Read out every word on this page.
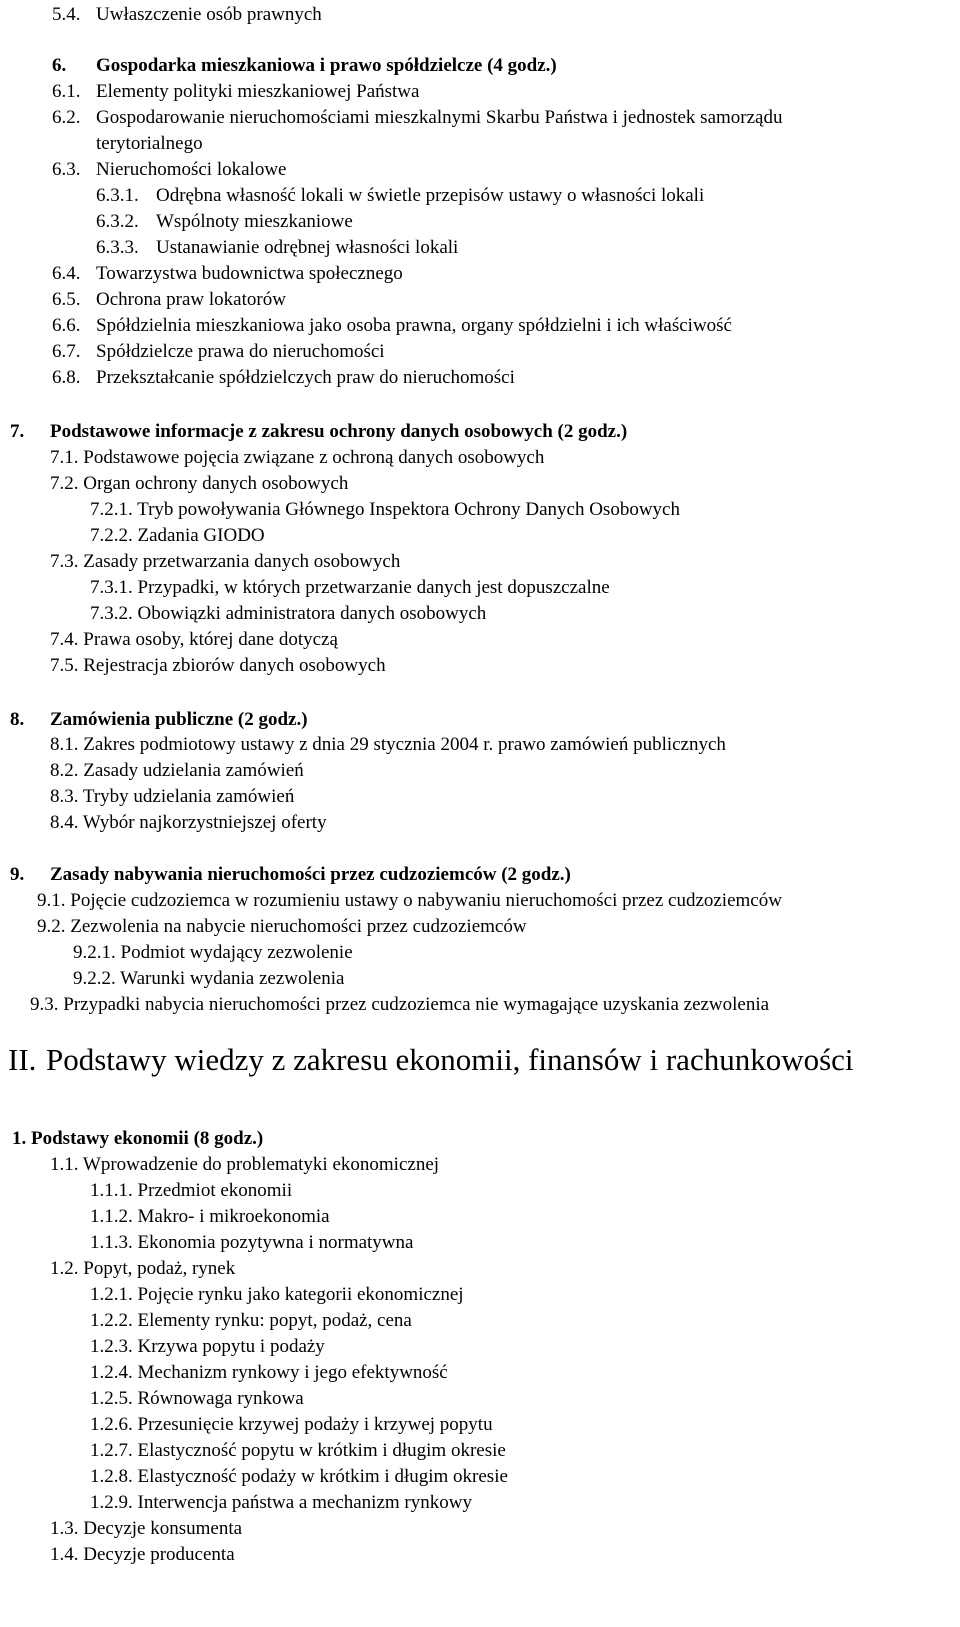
5.4. Uwłaszczenie osób prawnych
6. Gospodarka mieszkaniowa i prawo spółdzielcze (4 godz.)
6.1. Elementy polityki mieszkaniowej Państwa
6.2. Gospodarowanie nieruchomościami mieszkalnymi Skarbu Państwa i jednostek samorządu
terytorialnego
6.3. Nieruchomości lokalowe
6.3.1. Odrębna własność lokali w świetle przepisów ustawy o własności lokali
6.3.2. Wspólnoty mieszkaniowe
6.3.3. Ustanawianie odrębnej własności lokali
6.4. Towarzystwa budownictwa społecznego
6.5. Ochrona praw lokatorów
6.6. Spółdzielnia mieszkaniowa jako osoba prawna, organy spółdzielni i ich właściwość
6.7. Spółdzielcze prawa do nieruchomości
6.8. Przekształcanie spółdzielczych praw do nieruchomości
7. Podstawowe informacje z zakresu ochrony danych osobowych (2 godz.)
7.1. Podstawowe pojęcia związane z ochroną danych osobowych
7.2. Organ ochrony danych osobowych
7.2.1. Tryb powoływania Głównego Inspektora Ochrony Danych Osobowych
7.2.2. Zadania GIODO
7.3. Zasady przetwarzania danych osobowych
7.3.1. Przypadki, w których przetwarzanie danych jest dopuszczalne
7.3.2. Obowiązki administratora danych osobowych
7.4. Prawa osoby, której dane dotyczą
7.5. Rejestracja zbiorów danych osobowych
8. Zamówienia publiczne (2 godz.)
8.1. Zakres podmiotowy ustawy z dnia 29 stycznia 2004 r. prawo zamówień publicznych
8.2. Zasady udzielania zamówień
8.3. Tryby udzielania zamówień
8.4. Wybór najkorzystniejszej oferty
9. Zasady nabywania nieruchomości przez cudzoziemców (2 godz.)
9.1. Pojęcie cudzoziemca w rozumieniu ustawy o nabywaniu nieruchomości przez cudzoziemców
9.2. Zezwolenia na nabycie nieruchomości przez cudzoziemców
9.2.1. Podmiot wydający zezwolenie
9.2.2. Warunki wydania zezwolenia
9.3. Przypadki nabycia nieruchomości przez cudzoziemca nie wymagające uzyskania zezwolenia
II. Podstawy wiedzy z zakresu ekonomii, finansów i rachunkowości
1. Podstawy ekonomii (8 godz.)
1.1. Wprowadzenie do problematyki ekonomicznej
1.1.1. Przedmiot ekonomii
1.1.2. Makro- i mikroekonomia
1.1.3. Ekonomia pozytywna i normatywna
1.2. Popyt, podaż, rynek
1.2.1. Pojęcie rynku jako kategorii ekonomicznej
1.2.2. Elementy rynku: popyt, podaż, cena
1.2.3. Krzywa popytu i podaży
1.2.4. Mechanizm rynkowy i jego efektywność
1.2.5. Równowaga rynkowa
1.2.6. Przesunięcie krzywej podaży i krzywej popytu
1.2.7. Elastyczność popytu w krótkim i długim okresie
1.2.8. Elastyczność podaży w krótkim i długim okresie
1.2.9. Interwencja państwa a mechanizm rynkowy
1.3. Decyzje konsumenta
1.4. Decyzje producenta
